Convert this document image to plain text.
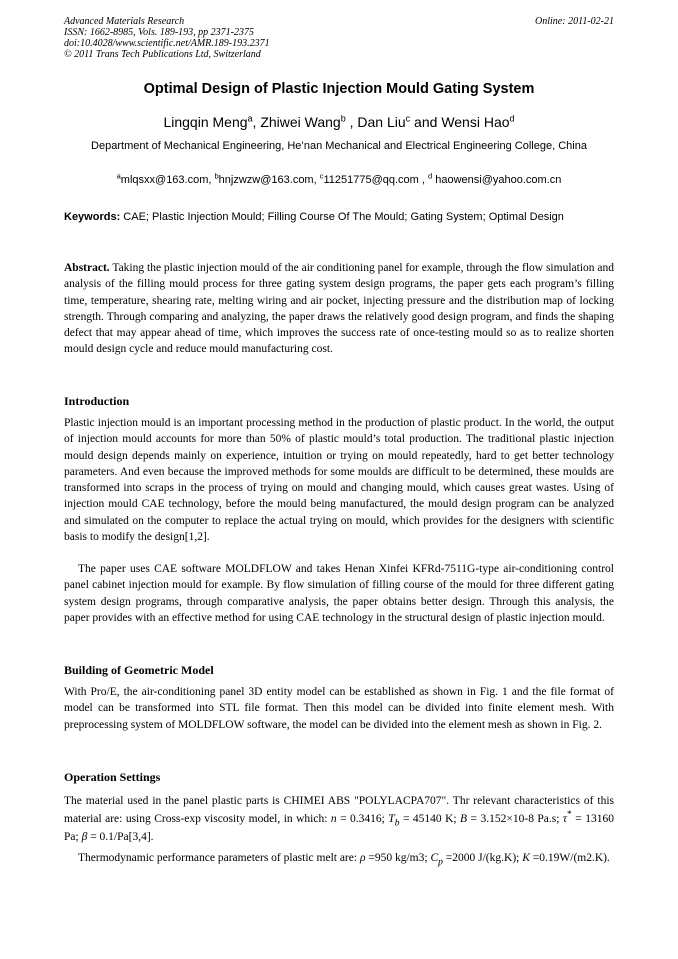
Advanced Materials Research
ISSN: 1662-8985, Vols. 189-193, pp 2371-2375
doi:10.4028/www.scientific.net/AMR.189-193.2371
© 2011 Trans Tech Publications Ltd, Switzerland
Online: 2011-02-21
Optimal Design of Plastic Injection Mould Gating System
Lingqin Meng$^a$, Zhiwei Wang$^b$ , Dan Liu$^c$ and Wensi Hao$^d$
Department of Mechanical Engineering, He’nan Mechanical and Electrical Engineering College, China
$^a$mlqsxx@163.com, $^b$hnjzwzw@163.com, $^c$11251775@qq.com , $^d$ haowensi@yahoo.com.cn
Keywords: CAE; Plastic Injection Mould; Filling Course Of The Mould; Gating System; Optimal Design

Abstract. Taking the plastic injection mould of the air conditioning panel for example, through the flow simulation and analysis of the filling mould process for three gating system design programs, the paper gets each program’s filling time, temperature, shearing rate, melting wiring and air pocket, injecting pressure and the distribution map of locking strength. Through comparing and analyzing, the paper draws the relatively good design program, and finds the shaping defect that may appear ahead of time, which improves the success rate of once-testing mould so as to realize shorten mould design cycle and reduce mould manufacturing cost.

Introduction

Plastic injection mould is an important processing method in the production of plastic product. In the world, the output of injection mould accounts for more than 50% of plastic mould’s total production. The traditional plastic injection mould design depends mainly on experience, intuition or trying on mould repeatedly, hard to get better technology parameters. And even because the improved methods for some moulds are difficult to be determined, these moulds are transformed into scraps in the process of trying on mould and changing mould, which causes great wastes. Using of injection mould CAE technology, before the mould being manufactured, the mould design program can be analyzed and simulated on the computer to replace the actual trying on mould, which provides for the designers with scientific basis to modify the design[1,2].

The paper uses CAE software MOLDFLOW and takes Henan Xinfei KFRd-7511G-type air-conditioning control panel cabinet injection mould for example. By flow simulation of filling course of the mould for three different gating system design programs, through comparative analysis, the paper obtains better design. Through this analysis, the paper provides with an effective method for using CAE technology in the structural design of plastic injection mould.

Building of Geometric Model

With Pro/E, the air-conditioning panel 3D entity model can be established as shown in Fig. 1 and the file format of model can be transformed into STL file format. Then this model can be divided into finite element mesh. With preprocessing system of MOLDFLOW software, the model can be divided into the element mesh as shown in Fig. 2.

Operation Settings

The material used in the panel plastic parts is CHIMEI ABS "POLYLACPA707". Thr relevant characteristics of this material are: using Cross-exp viscosity model, in which: n = 0.3416; $T_b = 45140$ K; B = 3.152×10-8 Pa.s; τ* = 13160 Pa; β = 0.1/Pa[3,4].

Thermodynamic performance parameters of plastic melt are: ρ =950 kg/m3; $C_p =2000$ J/(kg.K); K =0.19W/(m2.K).
